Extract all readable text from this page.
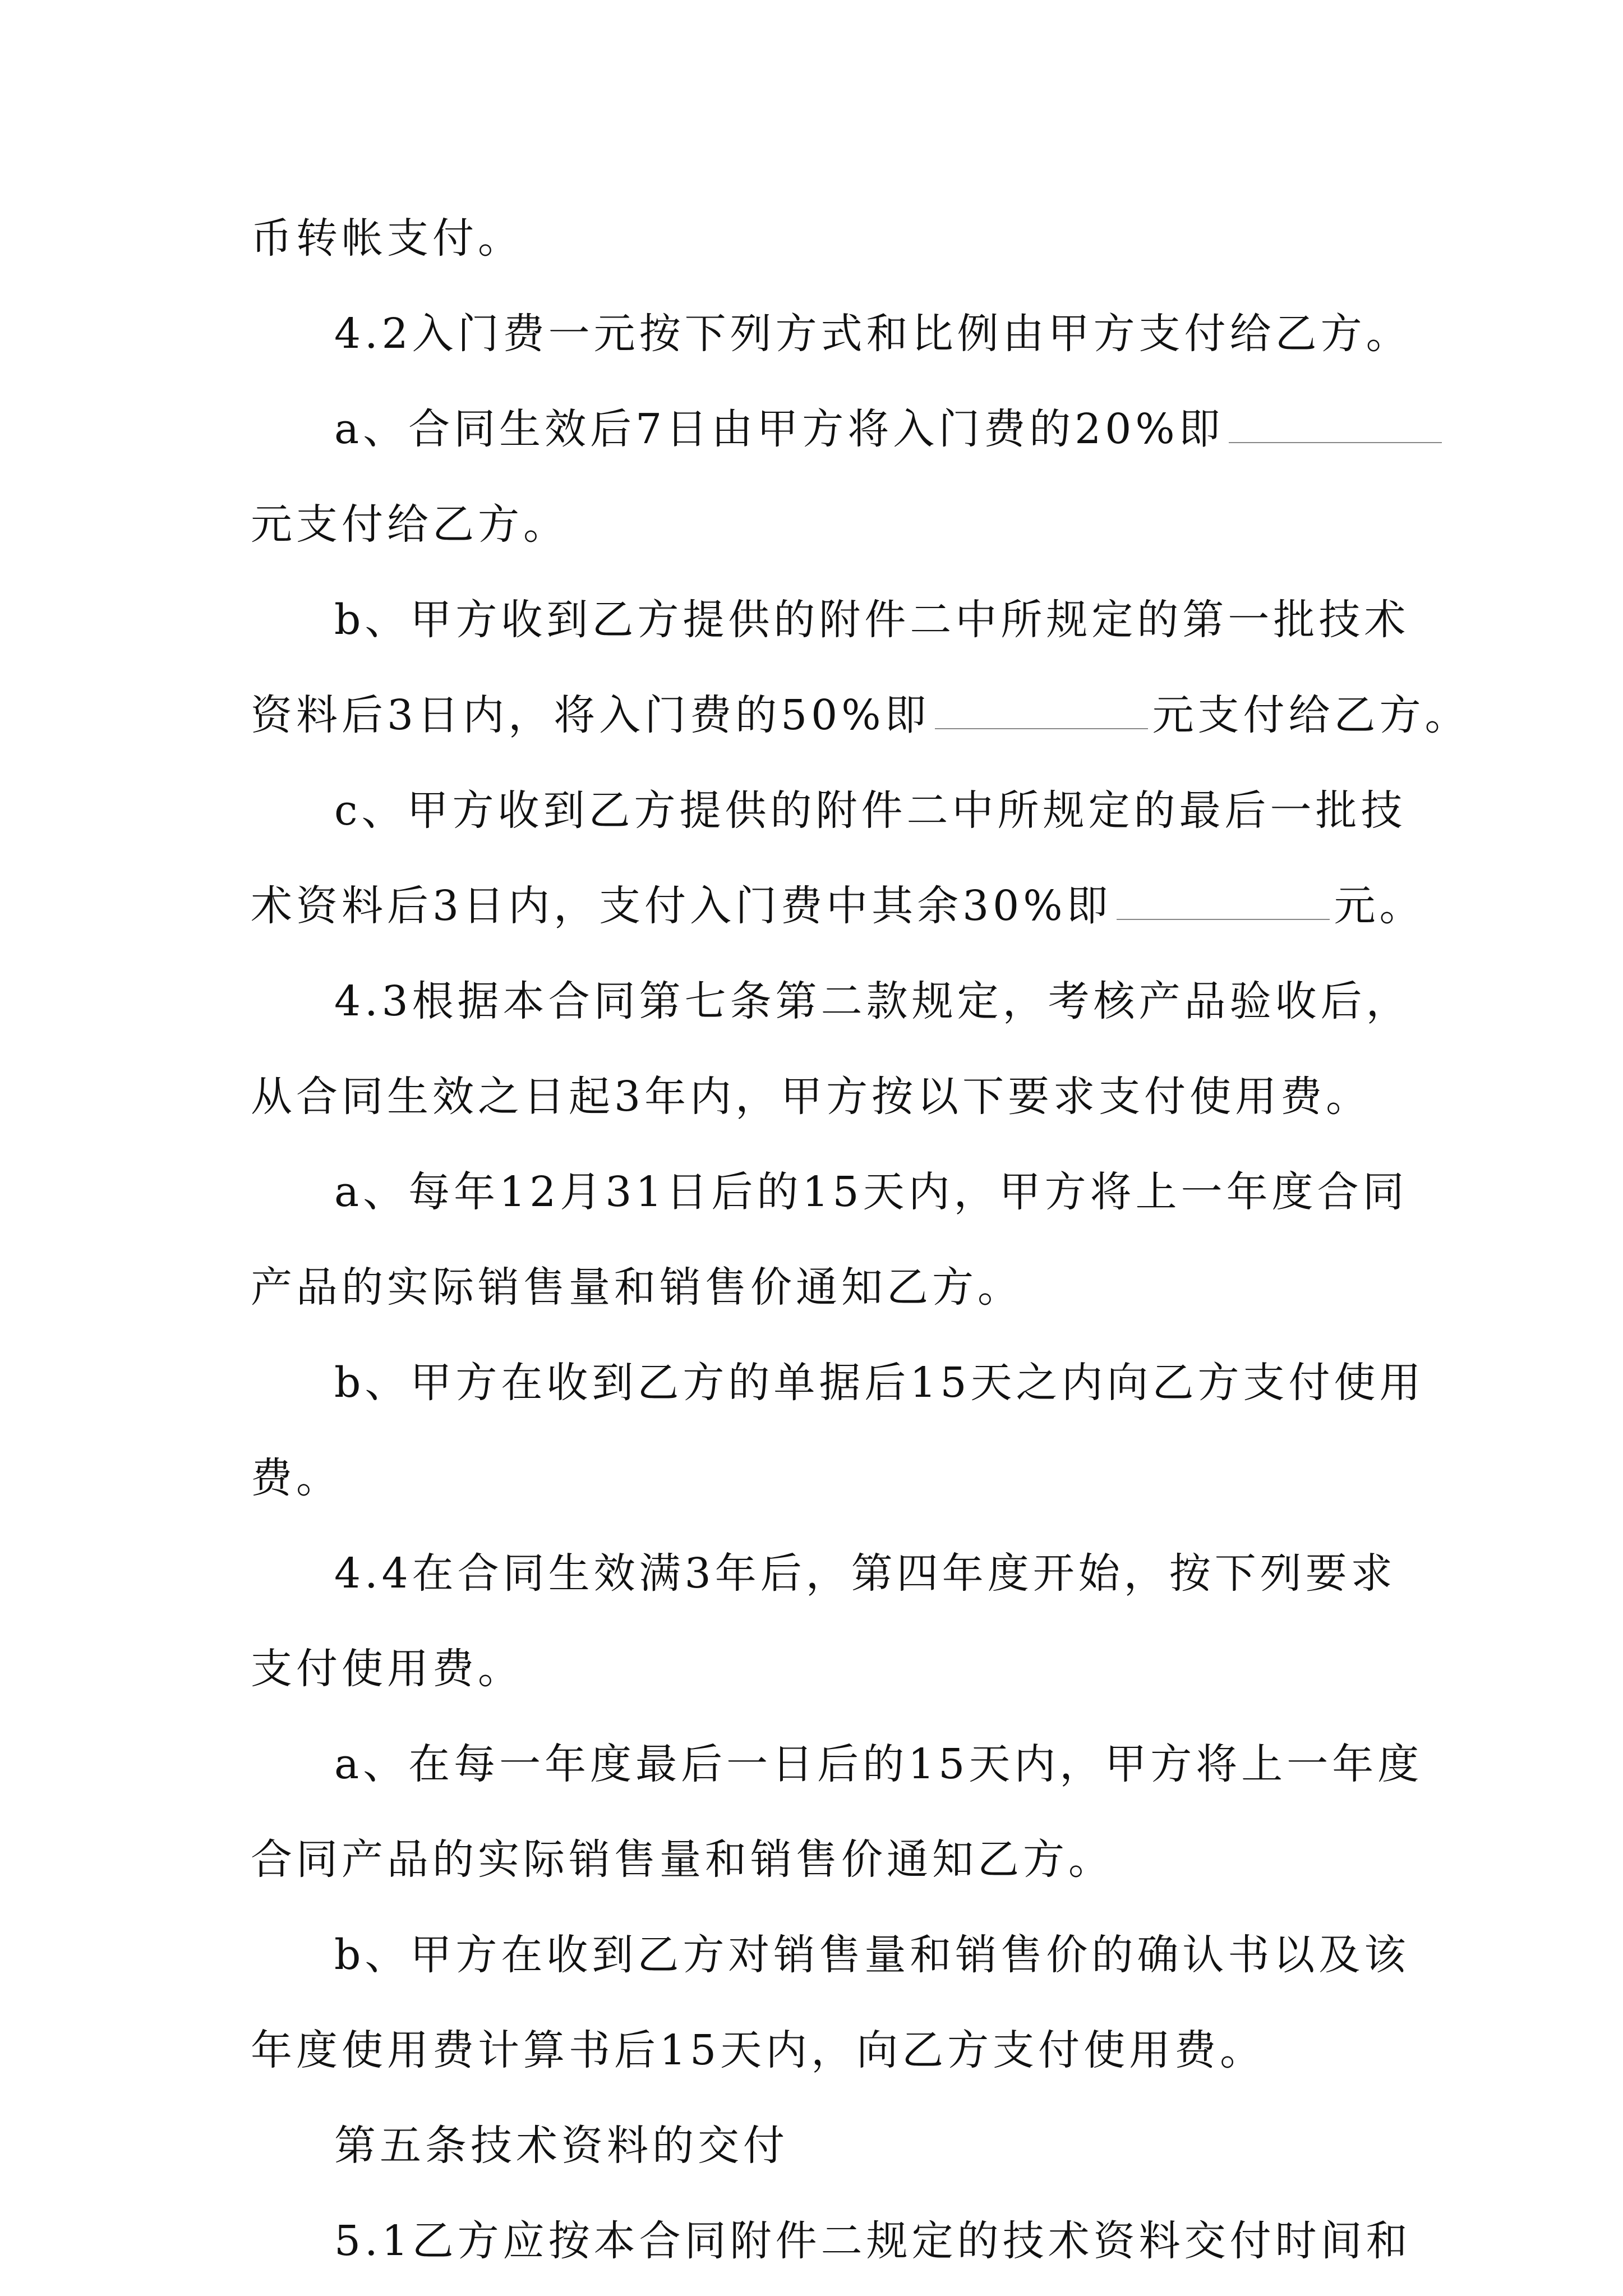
币转帐支付。
4.2入门费一元按下列方式和比例由甲方支付给乙方。
a、合同生效后7日由甲方将入门费的20%即
元支付给乙方。
b、甲方收到乙方提供的附件二中所规定的第一批技术
资料后3日内，将入门费的50%即	元支付给乙方。
c、甲方收到乙方提供的附件二中所规定的最后一批技
术资料后3日内，支付入门费中其余30%即	元。
4.3根据本合同第七条第二款规定，考核产品验收后，
从合同生效之日起3年内，甲方按以下要求支付使用费。
a、每年12月31日后的15天内，甲方将上一年度合同
产品的实际销售量和销售价通知乙方。
b、甲方在收到乙方的单据后15天之内向乙方支付使用
费。
4.4在合同生效满3年后，第四年度开始，按下列要求
支付使用费。
a、在每一年度最后一日后的15天内，甲方将上一年度
合同产品的实际销售量和销售价通知乙方。
b、甲方在收到乙方对销售量和销售价的确认书以及该
年度使用费计算书后15天内，向乙方支付使用费。
第五条技术资料的交付
5.1乙方应按本合同附件二规定的技术资料交付时间和
